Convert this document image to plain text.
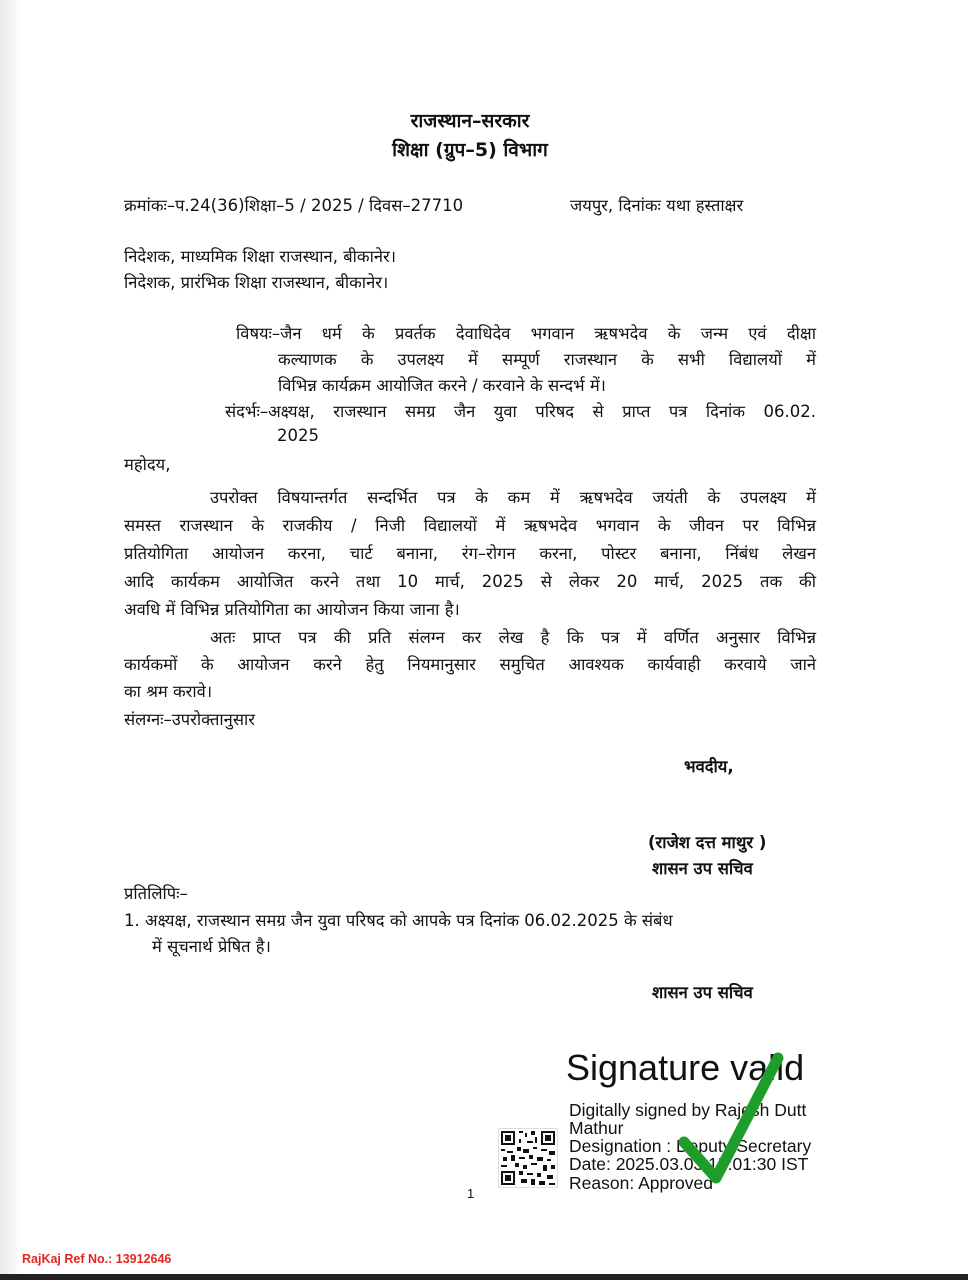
राजस्थान–सरकार
शिक्षा (ग्रुप–5) विभाग
क्रमांकः–प.24(36)शिक्षा–5 / 2025 / दिवस–27710	जयपुर, दिनांकः यथा हस्ताक्षर
निदेशक, माध्यमिक शिक्षा राजस्थान, बीकानेर।
निदेशक, प्रारंभिक शिक्षा राजस्थान, बीकानेर।
विषयः–जैन धर्म के प्रवर्तक देवाधिदेव भगवान ऋषभदेव के जन्म एवं दीक्षा
कल्याणक के उपलक्ष्य में सम्पूर्ण राजस्थान के सभी विद्यालयों में
विभिन्न कार्यक्रम आयोजित करने / करवाने के सन्दर्भ में।
संदर्भः–अक्ष्यक्ष, राजस्थान समग्र जैन युवा परिषद से प्राप्त पत्र दिनांक 06.02.
2025
महोदय,
उपरोक्त विषयान्तर्गत सन्दर्भित पत्र के कम में ऋषभदेव जयंती के उपलक्ष्य में
समस्त राजस्थान के राजकीय / निजी विद्यालयों में ऋषभदेव भगवान के जीवन पर विभिन्न
प्रतियोगिता आयोजन करना, चार्ट बनाना, रंग–रोगन करना, पोस्टर बनाना, निंबंध लेखन
आदि कार्यकम आयोजित करने तथा 10 मार्च, 2025 से लेकर 20 मार्च, 2025 तक की
अवधि में विभिन्न प्रतियोगिता का आयोजन किया जाना है।
अतः प्राप्त पत्र की प्रति संलग्न कर लेख है कि पत्र में वर्णित अनुसार विभिन्न
कार्यकमों के आयोजन करने हेतु नियमानुसार समुचित आवश्यक कार्यवाही करवाये जाने
का श्रम करावे।
संलग्नः–उपरोक्तानुसार
भवदीय,
(राजेश दत्त माथुर )
शासन उप सचिव
प्रतिलिपिः–
1. अक्ष्यक्ष, राजस्थान समग्र जैन युवा परिषद को आपके पत्र दिनांक 06.02.2025 के संबंध
में सूचनार्थ प्रेषित है।
शासन उप सचिव
Signature valid
Digitally signed by Rajesh Dutt
Mathur
Designation : Deputy Secretary
Date: 2025.03.03 15:01:30 IST
Reason: Approved
1
RajKaj Ref No.: 13912646
